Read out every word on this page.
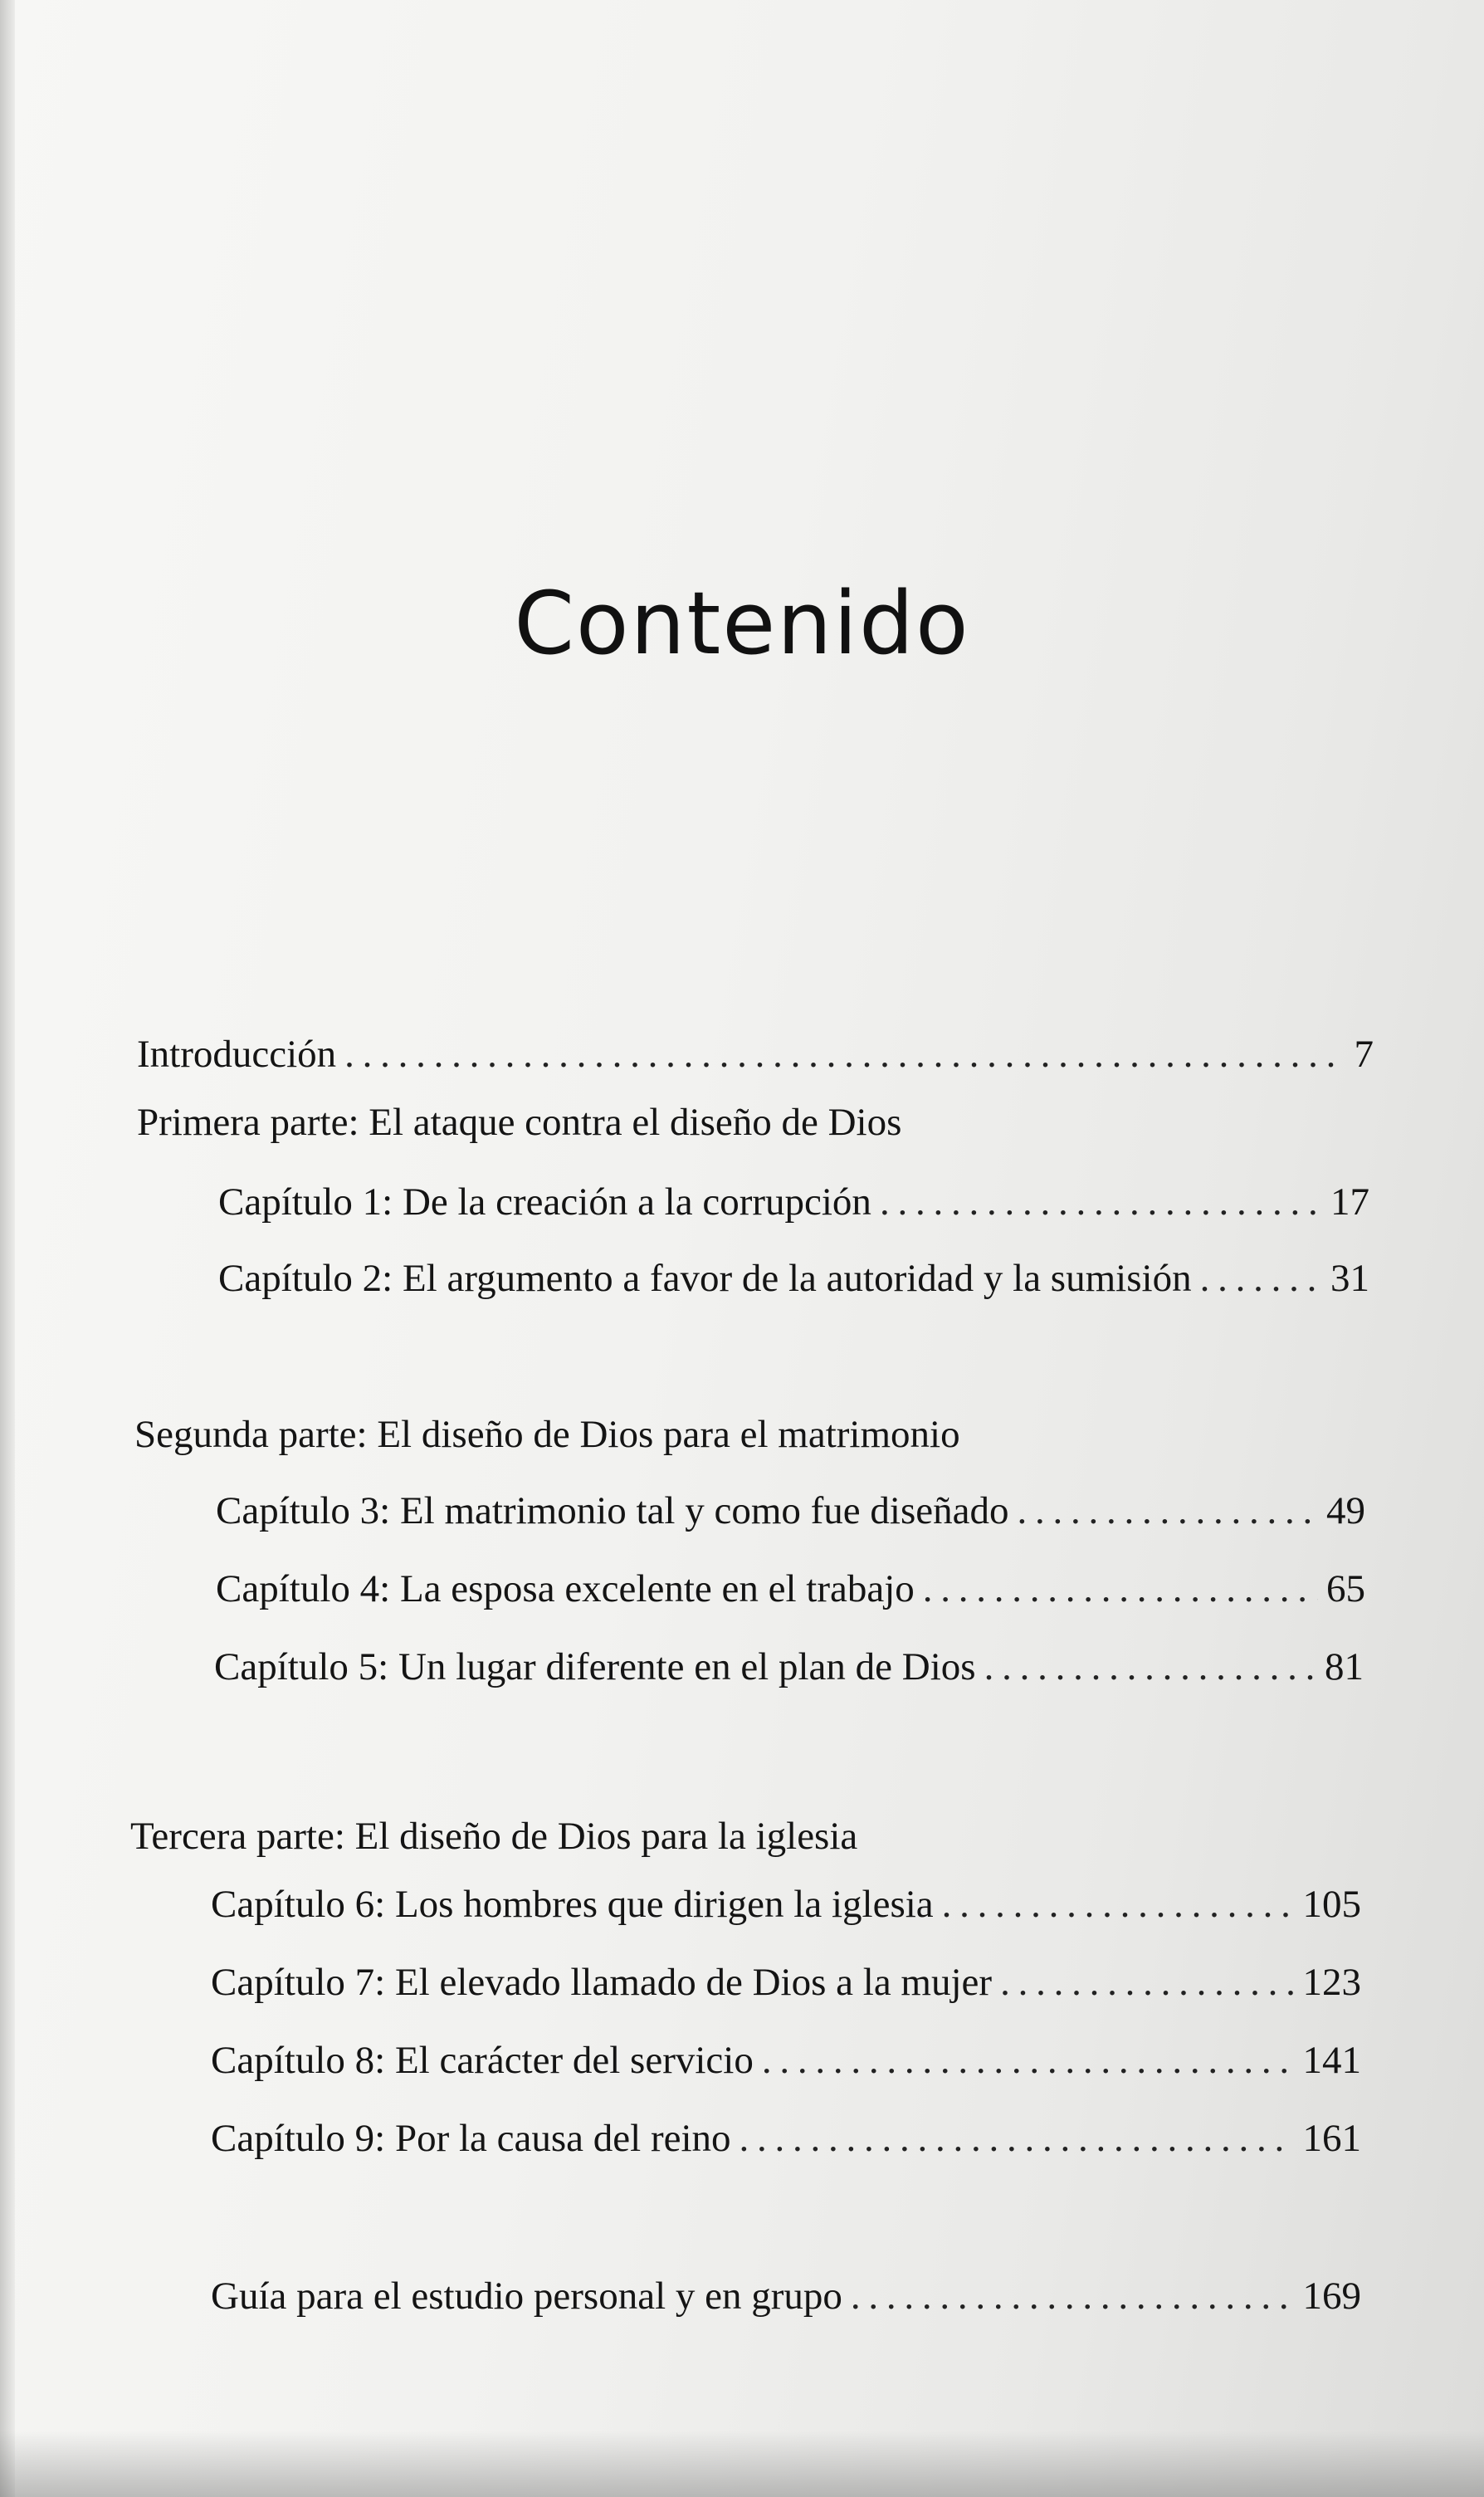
Contenido
Introducción . . .	7
Primera parte: El ataque contra el diseño de Dios
Capítulo 1: De la creación a la corrupción . . .	17
Capítulo 2: El argumento a favor de la autoridad y la sumisión . . .	31
Segunda parte: El diseño de Dios para el matrimonio
Capítulo 3: El matrimonio tal y como fue diseñado . . .	49
Capítulo 4: La esposa excelente en el trabajo . . .	65
Capítulo 5: Un lugar diferente en el plan de Dios . . .	81
Tercera parte: El diseño de Dios para la iglesia
Capítulo 6: Los hombres que dirigen la iglesia . . .	105
Capítulo 7: El elevado llamado de Dios a la mujer . . .	123
Capítulo 8: El carácter del servicio . . .	141
Capítulo 9: Por la causa del reino . . .	161
Guía para el estudio personal y en grupo . . .	169
